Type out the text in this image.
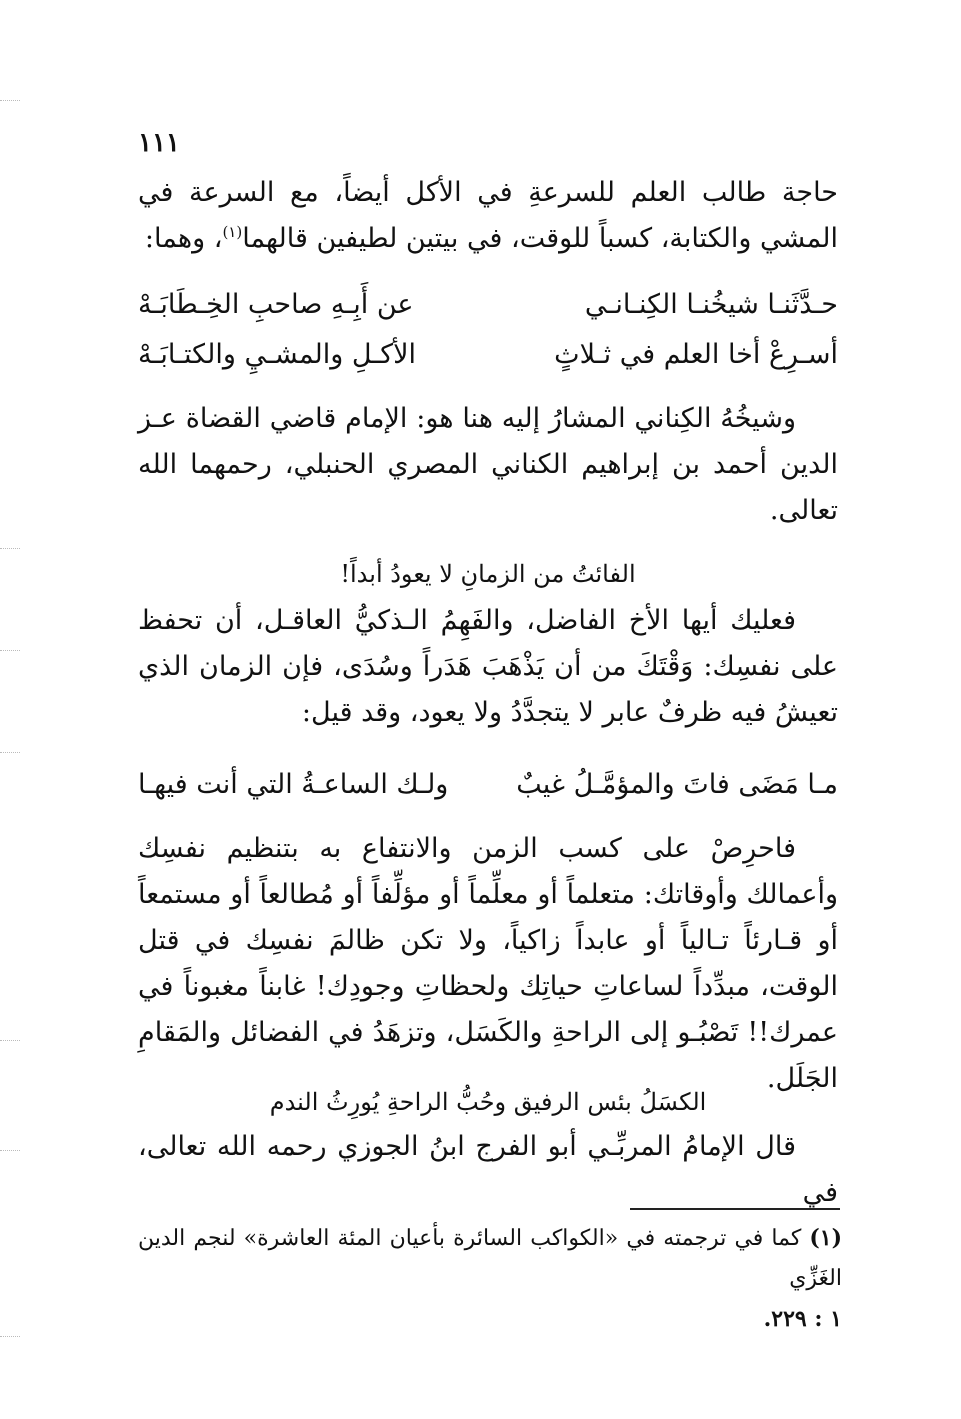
١١١
حاجة طالب العلم للسرعةِ في الأكل أيضاً، مع السرعة في المشي والكتابة، كسباً للوقت، في بيتين لطيفين قالهما$^{(١)}$، وهما:
حـدَّثَنـا شيخُنـا الكِنـانـي
عن أَبِـهِ صاحبِ الخِـطَابَـهْ
أسـرِعْ أخا العلم في ثـلاثٍ
الأكـلِ والمشـيِ والكتـابَـهْ
وشيخُهُ الكِناني المشارُ إليه هنا هو: الإمام قاضي القضاة عـز الدين أحمد بن إبراهيم الكناني المصري الحنبلي، رحمهما الله تعالى.
الفائتُ من الزمانِ لا يعودُ أبداً!
فعليك أيها الأخ الفاضل، والفَهِمُ الـذكيُّ العاقـل، أن تحفظ على نفسِك: وَقْتَكَ من أن يَذْهَبَ هَدَراً وسُدَى، فإن الزمان الذي تعيشُ فيه ظرفٌ عابر لا يتجدَّدُ ولا يعود، وقد قيل:
مـا مَضَى فاتَ والمؤمَّـلُ غيبٌ
ولـك الساعـةُ التي أنت فيهـا
فاحرِصْ على كسب الزمن والانتفاع به بتنظيم نفسِك وأعمالك وأوقاتك: متعلماً أو معلِّماً أو مؤلِّفاً أو مُطالعاً أو مستمعاً أو قـارئاً تـالياً أو عابداً زاكياً، ولا تكن ظالمَ نفسِك في قتل الوقت، مبدِّداً لساعاتِ حياتِك ولحظاتِ وجودِك! غابناً مغبوناً في عمرك!! تَصْبُـو إلى الراحةِ والكَسَل، وتزهَدُ في الفضائل والمَقامِ الجَلَل.
الكسَلُ بئس الرفيق وحُبُّ الراحةِ يُورِثُ الندم
قال الإمامُ المربِّـي أبو الفرج ابنُ الجوزي رحمه الله تعالى، في
(١)كما في ترجمته في «الكواكب السائرة بأعيان المئة العاشرة» لنجم الدين الغَزِّي
١ : ٢٢٩.
